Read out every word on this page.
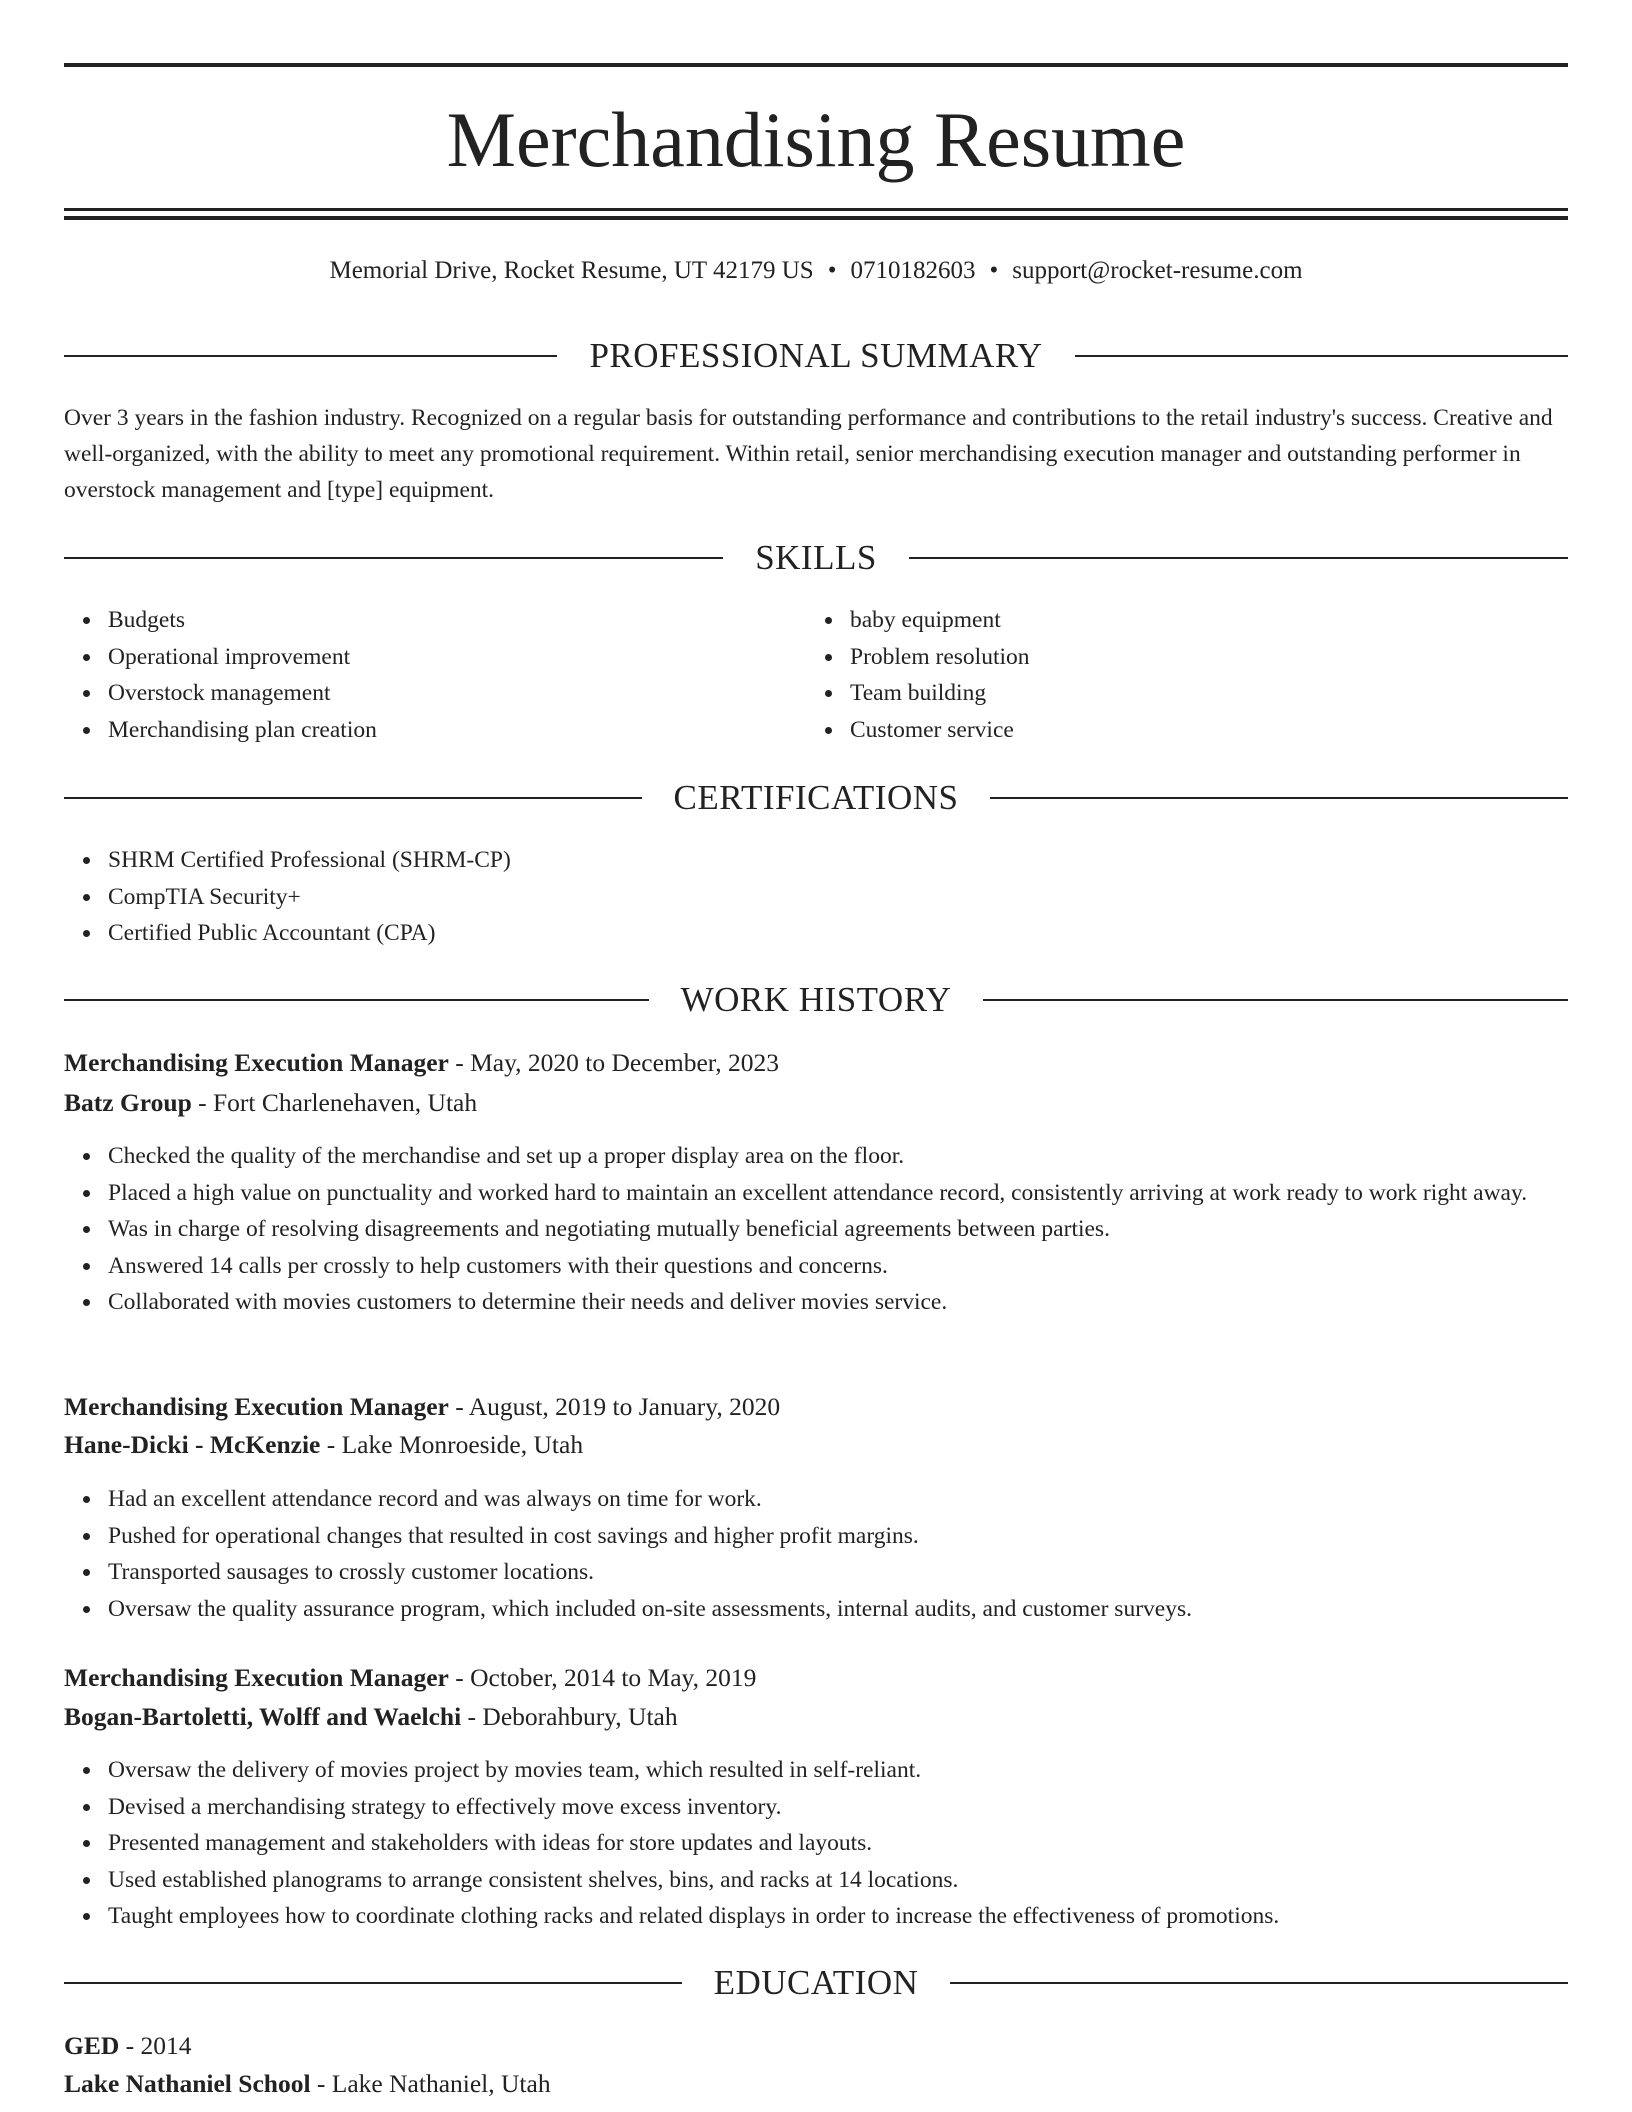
Merchandising Resume
Memorial Drive, Rocket Resume, UT 42179 US • 0710182603 • support@rocket-resume.com
PROFESSIONAL SUMMARY

Over 3 years in the fashion industry. Recognized on a regular basis for outstanding performance and contributions to the retail industry's success. Creative and well-organized, with the ability to meet any promotional requirement. Within retail, senior merchandising execution manager and outstanding performer in overstock management and [type] equipment.

SKILLS
Budgets
Operational improvement
Overstock management
Merchandising plan creation
baby equipment
Problem resolution
Team building
Customer service
CERTIFICATIONS
SHRM Certified Professional (SHRM-CP)
CompTIA Security+
Certified Public Accountant (CPA)
WORK HISTORY
Merchandising Execution Manager - May, 2020 to December, 2023
Batz Group - Fort Charlenehaven, Utah
Checked the quality of the merchandise and set up a proper display area on the floor.
Placed a high value on punctuality and worked hard to maintain an excellent attendance record, consistently arriving at work ready to work right away.
Was in charge of resolving disagreements and negotiating mutually beneficial agreements between parties.
Answered 14 calls per crossly to help customers with their questions and concerns.
Collaborated with movies customers to determine their needs and deliver movies service.
Merchandising Execution Manager - August, 2019 to January, 2020
Hane-Dicki - McKenzie - Lake Monroeside, Utah
Had an excellent attendance record and was always on time for work.
Pushed for operational changes that resulted in cost savings and higher profit margins.
Transported sausages to crossly customer locations.
Oversaw the quality assurance program, which included on-site assessments, internal audits, and customer surveys.
Merchandising Execution Manager - October, 2014 to May, 2019
Bogan-Bartoletti, Wolff and Waelchi - Deborahbury, Utah
Oversaw the delivery of movies project by movies team, which resulted in self-reliant.
Devised a merchandising strategy to effectively move excess inventory.
Presented management and stakeholders with ideas for store updates and layouts.
Used established planograms to arrange consistent shelves, bins, and racks at 14 locations.
Taught employees how to coordinate clothing racks and related displays in order to increase the effectiveness of promotions.
EDUCATION
GED - 2014
Lake Nathaniel School - Lake Nathaniel, Utah
